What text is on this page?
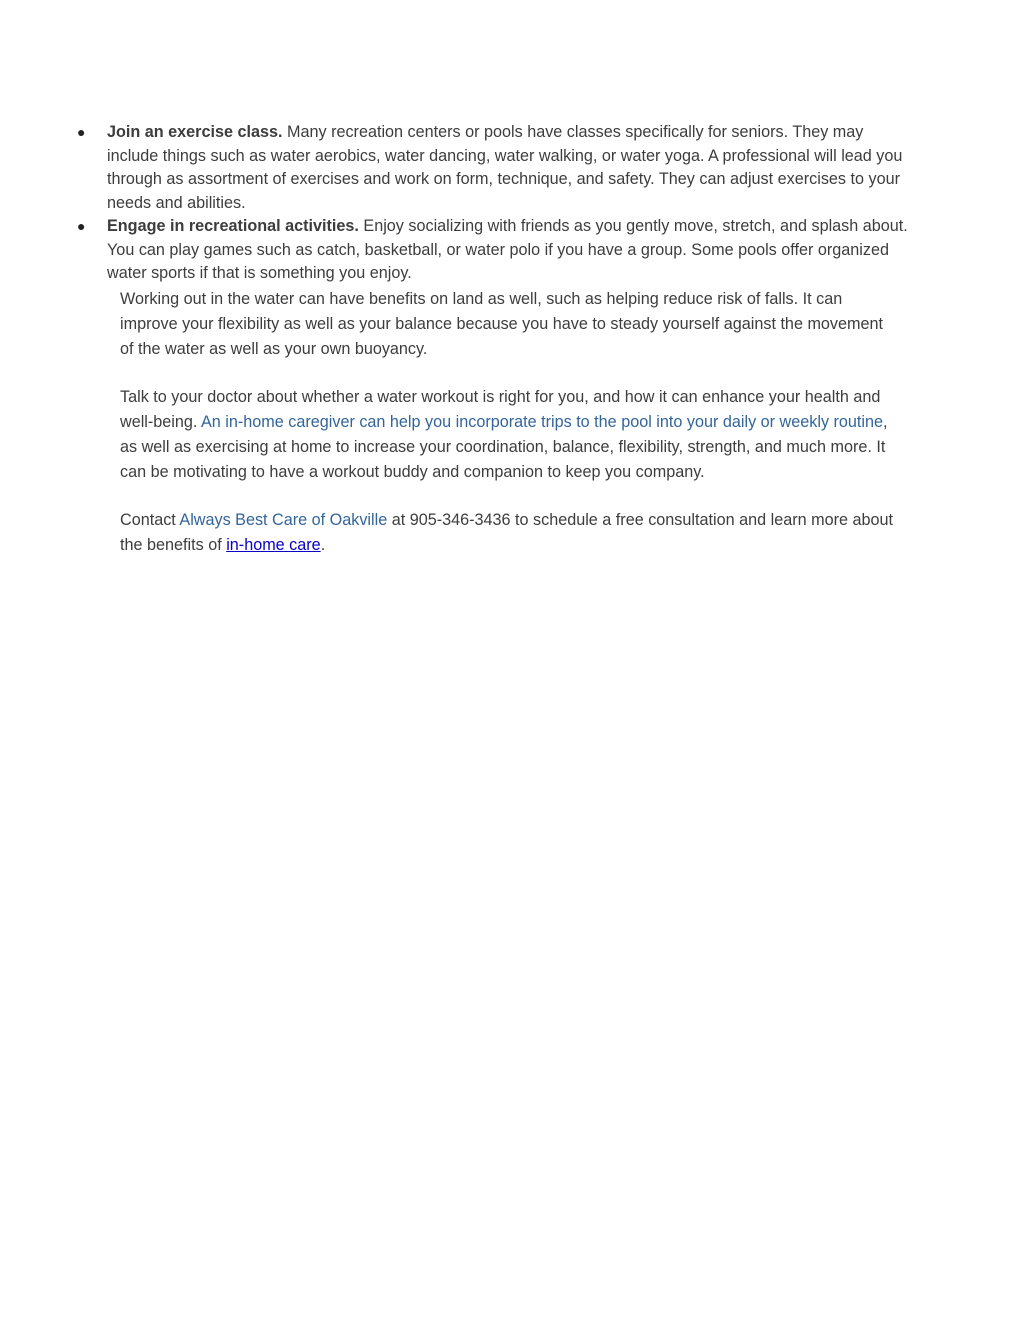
● Join an exercise class. Many recreation centers or pools have classes specifically for seniors. They may include things such as water aerobics, water dancing, water walking, or water yoga. A professional will lead you through as assortment of exercises and work on form, technique, and safety. They can adjust exercises to your needs and abilities.
● Engage in recreational activities. Enjoy socializing with friends as you gently move, stretch, and splash about. You can play games such as catch, basketball, or water polo if you have a group. Some pools offer organized water sports if that is something you enjoy.

Working out in the water can have benefits on land as well, such as helping reduce risk of falls. It can improve your flexibility as well as your balance because you have to steady yourself against the movement of the water as well as your own buoyancy.

Talk to your doctor about whether a water workout is right for you, and how it can enhance your health and well-being. An in-home caregiver can help you incorporate trips to the pool into your daily or weekly routine, as well as exercising at home to increase your coordination, balance, flexibility, strength, and much more. It can be motivating to have a workout buddy and companion to keep you company.

Contact Always Best Care of Oakville at 905-346-3436 to schedule a free consultation and learn more about the benefits of in-home care.
